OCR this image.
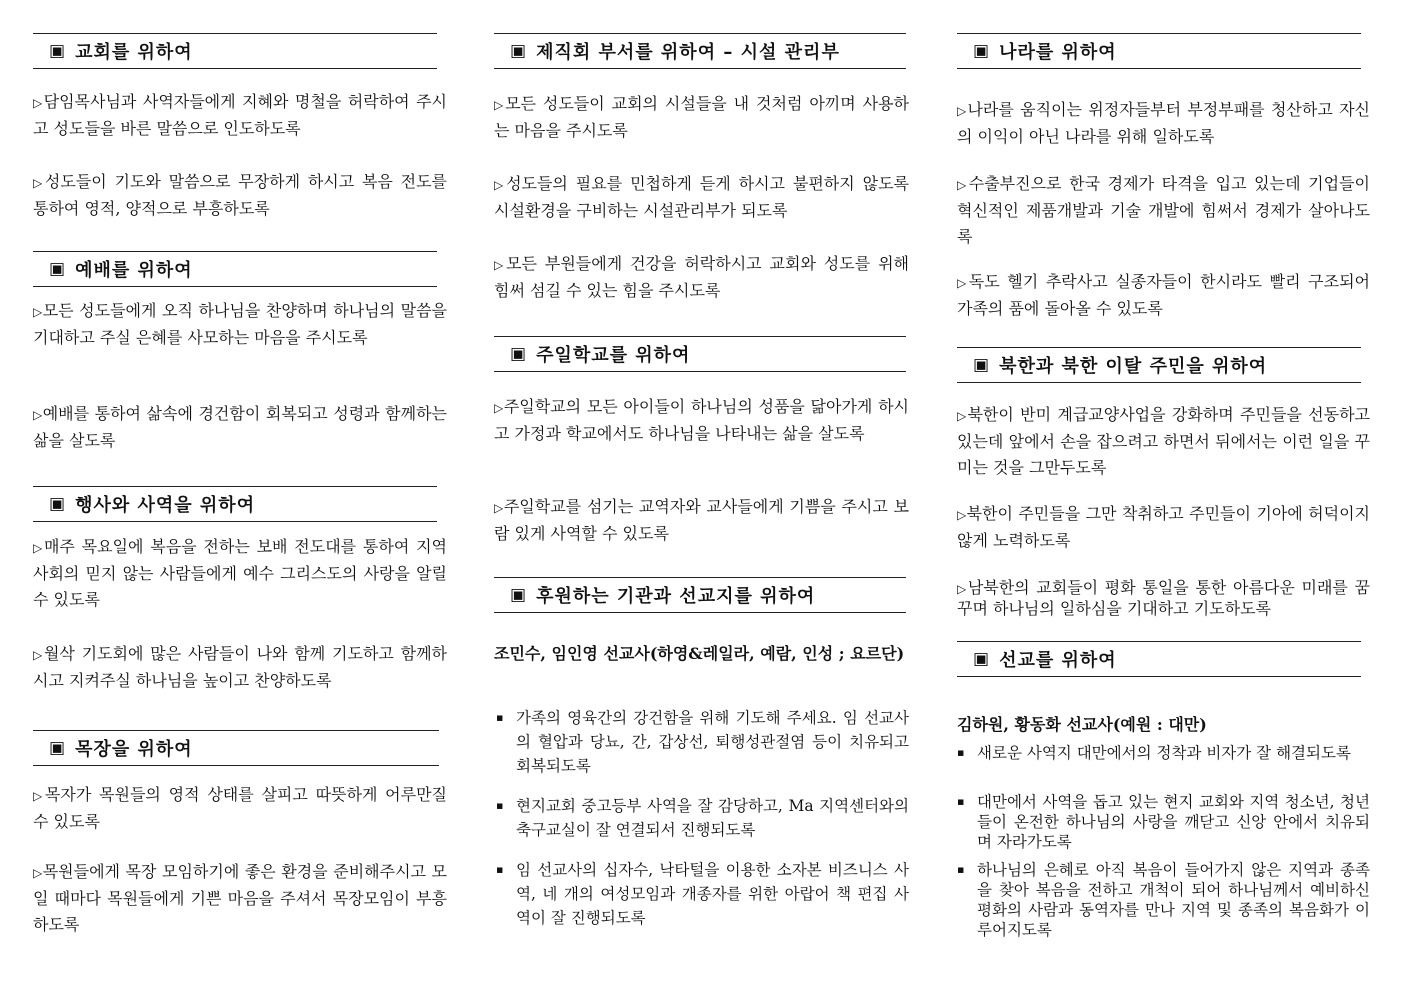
▣ 교회를 위하여
▷담임목사님과 사역자들에게 지혜와 명철을 허락하여 주시고 성도들을 바른 말씀으로 인도하도록
▷성도들이 기도와 말씀으로 무장하게 하시고 복음 전도를 통하여 영적, 양적으로 부흥하도록
▣ 예배를 위하여
▷모든 성도들에게 오직 하나님을 찬양하며 하나님의 말씀을 기대하고 주실 은혜를 사모하는 마음을 주시도록
▷예배를 통하여 삶속에 경건함이 회복되고 성령과 함께하는 삶을 살도록
▣ 행사와 사역을 위하여
▷매주 목요일에 복음을 전하는 보배 전도대를 통하여 지역사회의 믿지 않는 사람들에게 예수 그리스도의 사랑을 알릴 수 있도록
▷월삭 기도회에 많은 사람들이 나와 함께 기도하고 함께하시고 지켜주실 하나님을 높이고 찬양하도록
▣ 목장을 위하여
▷목자가 목원들의 영적 상태를 살피고 따뜻하게 어루만질 수 있도록
▷목원들에게 목장 모임하기에 좋은 환경을 준비해주시고 모일 때마다 목원들에게 기쁜 마음을 주셔서 목장모임이 부흥하도록
▣ 제직회 부서를 위하여 – 시설 관리부
▷모든 성도들이 교회의 시설들을 내 것처럼 아끼며 사용하는 마음을 주시도록
▷성도들의 필요를 민첩하게 듣게 하시고 불편하지 않도록 시설환경을 구비하는 시설관리부가 되도록
▷모든 부원들에게 건강을 허락하시고 교회와 성도를 위해 힘써 섬길 수 있는 힘을 주시도록
▣ 주일학교를 위하여
▷주일학교의 모든 아이들이 하나님의 성품을 닮아가게 하시고 가정과 학교에서도 하나님을 나타내는 삶을 살도록
▷주일학교를 섬기는 교역자와 교사들에게 기쁨을 주시고 보람 있게 사역할 수 있도록
▣ 후원하는 기관과 선교지를 위하여
조민수, 임인영 선교사(하영&레일라, 예람, 인성 ; 요르단)
▪ 가족의 영육간의 강건함을 위해 기도해 주세요. 임 선교사의 혈압과 당뇨, 간, 갑상선, 퇴행성관절염 등이 치유되고 회복되도록
▪ 현지교회 중고등부 사역을 잘 감당하고, Ma 지역센터와의 축구교실이 잘 연결되서 진행되도록
▪ 임 선교사의 십자수, 낙타털을 이용한 소자본 비즈니스 사역, 네 개의 여성모임과 개종자를 위한 아랍어 책 편집 사역이 잘 진행되도록
▣ 나라를 위하여
▷나라를 움직이는 위정자들부터 부정부패를 청산하고 자신의 이익이 아닌 나라를 위해 일하도록
▷수출부진으로 한국 경제가 타격을 입고 있는데 기업들이 혁신적인 제품개발과 기술 개발에 힘써서 경제가 살아나도록
▷독도 헬기 추락사고 실종자들이 한시라도 빨리 구조되어 가족의 품에 돌아올 수 있도록
▣ 북한과 북한 이탈 주민을 위하여
▷북한이 반미 계급교양사업을 강화하며 주민들을 선동하고 있는데 앞에서 손을 잡으려고 하면서 뒤에서는 이런 일을 꾸미는 것을 그만두도록
▷북한이 주민들을 그만 착취하고 주민들이 기아에 허덕이지 않게 노력하도록
▷남북한의 교회들이 평화 통일을 통한 아름다운 미래를 꿈꾸며 하나님의 일하심을 기대하고 기도하도록
▣ 선교를 위하여
김하원, 황동화 선교사(예원 : 대만)
▪ 새로운 사역지 대만에서의 정착과 비자가 잘 해결되도록
▪ 대만에서 사역을 돕고 있는 현지 교회와 지역 청소년, 청년들이 온전한 하나님의 사랑을 깨닫고 신앙 안에서 치유되며 자라가도록
▪ 하나님의 은혜로 아직 복음이 들어가지 않은 지역과 종족을 찾아 복음을 전하고 개척이 되어 하나님께서 예비하신 평화의 사람과 동역자를 만나 지역 및 종족의 복음화가 이루어지도록
